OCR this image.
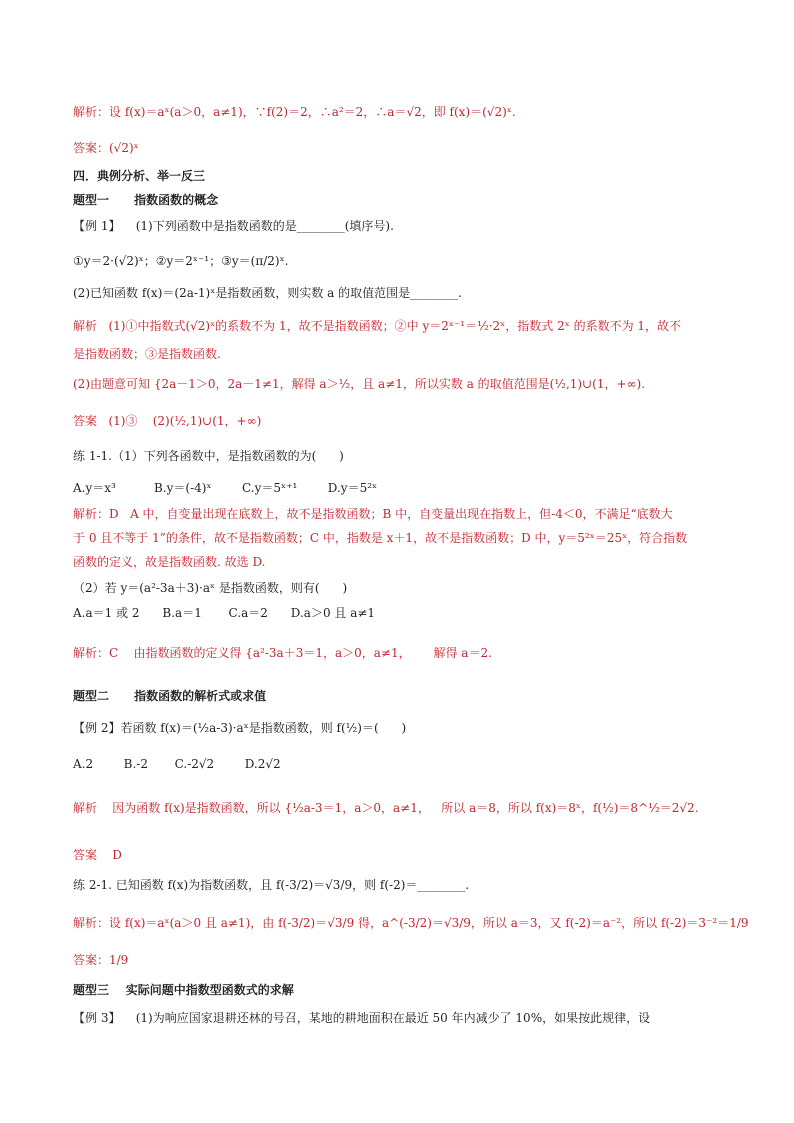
解析：设 f(x)＝aˣ(a＞0，a≠1)，∵f(2)＝2，∴a²＝2，∴a＝√2，即 f(x)＝(√2)ˣ.
答案：(√2)ˣ
四．典例分析、举一反三
题型一      指数函数的概念
【例 1】    (1)下列函数中是指数函数的是________(填序号).
①y＝2·(√2)ˣ；②y＝2ˣ⁻¹；③y＝(π/2)ˣ.
(2)已知函数 f(x)＝(2a-1)ˣ是指数函数，则实数 a 的取值范围是________.
解析   (1)①中指数式(√2)ˣ的系数不为 1，故不是指数函数；②中 y＝2ˣ⁻¹＝½·2ˣ，指数式 2ˣ 的系数不为 1，故不
是指数函数；③是指数函数.
(2)由题意可知 {2a－1＞0，2a－1≠1，解得 a＞½，且 a≠1，所以实数 a 的取值范围是(½,1)∪(1，+∞).
答案   (1)③    (2)(½,1)∪(1，+∞)
练 1-1.（1）下列各函数中，是指数函数的为(      )
A.y＝x³          B.y＝(-4)ˣ        C.y＝5ˣ⁺¹        D.y＝5²ˣ
解析：D   A 中，自变量出现在底数上，故不是指数函数；B 中，自变量出现在指数上，但-4＜0，不满足“底数大
于 0 且不等于 1”的条件，故不是指数函数；C 中，指数是 x＋1，故不是指数函数；D 中，y＝5²ˣ＝25ˣ，符合指数
函数的定义，故是指数函数. 故选 D.
（2）若 y＝(a²-3a＋3)·aˣ 是指数函数，则有(      )
A.a＝1 或 2      B.a＝1       C.a＝2      D.a＞0 且 a≠1
解析：C    由指数函数的定义得 {a²-3a＋3＝1，a＞0，a≠1，      解得 a＝2.
题型二      指数函数的解析式或求值
【例 2】若函数 f(x)＝(½a-3)·aˣ是指数函数，则 f(½)＝(      )
A.2        B.-2       C.-2√2        D.2√2
解析    因为函数 f(x)是指数函数，所以 {½a-3＝1，a＞0，a≠1，   所以 a＝8，所以 f(x)＝8ˣ，f(½)＝8^½＝2√2.
答案    D
练 2-1. 已知函数 f(x)为指数函数，且 f(-3/2)＝√3/9，则 f(-2)＝________.
解析：设 f(x)＝aˣ(a＞0 且 a≠1)，由 f(-3/2)＝√3/9 得，a^(-3/2)＝√3/9，所以 a＝3，又 f(-2)＝a⁻²，所以 f(-2)＝3⁻²＝1/9
答案：1/9
题型三    实际问题中指数型函数式的求解
【例 3】    (1)为响应国家退耕还林的号召，某地的耕地面积在最近 50 年内减少了 10%，如果按此规律，设
